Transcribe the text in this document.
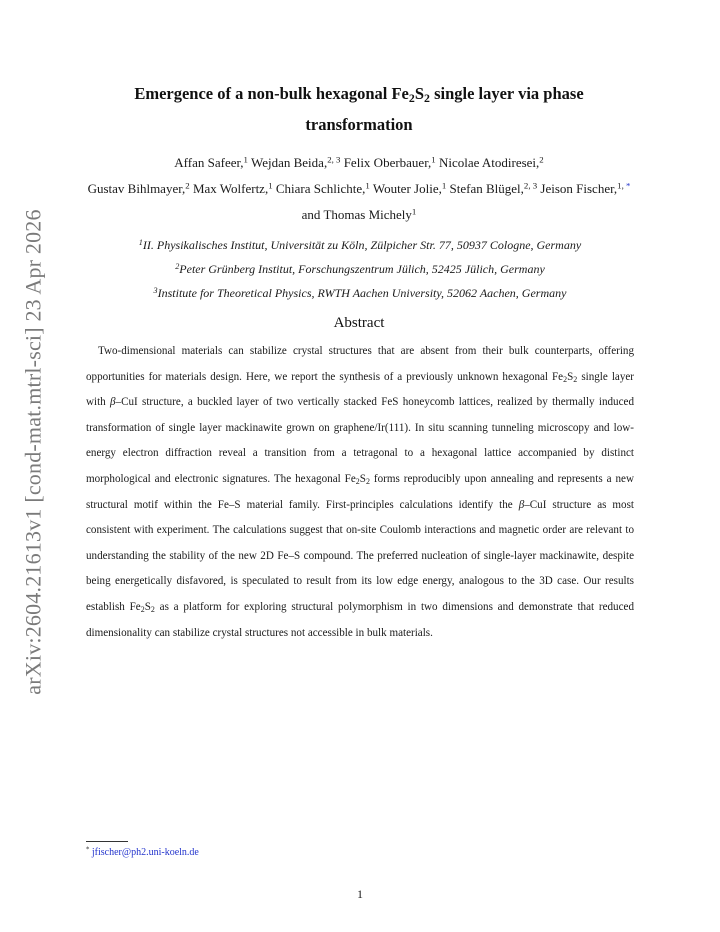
arXiv:2604.21613v1 [cond-mat.mtrl-sci] 23 Apr 2026
Emergence of a non-bulk hexagonal $Fe_2S_2$ single layer via phase transformation
Affan Safeer,$^1$ Wejdan Beida,$^{2, 3}$ Felix Oberbauer,$^1$ Nicolae Atodiresei,$^2$
Gustav Bihlmayer,$^2$ Max Wolfertz,$^1$ Chiara Schlichte,$^1$ Wouter Jolie,$^1$ Stefan Blügel,$^{2, 3}$ Jeison Fischer,$^{1, *}$ and Thomas Michely$^1$
$^1$II. Physikalisches Institut, Universität zu Köln, Zülpicher Str. 77, 50937 Cologne, Germany
$^2$Peter Grünberg Institut, Forschungszentrum Jülich, 52425 Jülich, Germany
$^3$Institute for Theoretical Physics, RWTH Aachen University, 52062 Aachen, Germany
Abstract
Two-dimensional materials can stabilize crystal structures that are absent from their bulk counterparts, offering opportunities for materials design. Here, we report the synthesis of a previously unknown hexagonal $Fe_2S_2$ single layer with β–CuI structure, a buckled layer of two vertically stacked FeS honeycomb lattices, realized by thermally induced transformation of single layer mackinawite grown on graphene/Ir(111). In situ scanning tunneling microscopy and low-energy electron diffraction reveal a transition from a tetragonal to a hexagonal lattice accompanied by distinct morphological and electronic signatures. The hexagonal $Fe_2S_2$ forms reproducibly upon annealing and represents a new structural motif within the Fe–S material family. First-principles calculations identify the β–CuI structure as most consistent with experiment. The calculations suggest that on-site Coulomb interactions and magnetic order are relevant to understanding the stability of the new 2D Fe–S compound. The preferred nucleation of single-layer mackinawite, despite being energetically disfavored, is speculated to result from its low edge energy, analogous to the 3D case. Our results establish $Fe_2S_2$ as a platform for exploring structural polymorphism in two dimensions and demonstrate that reduced dimensionality can stabilize crystal structures not accessible in bulk materials.
* jfischer@ph2.uni-koeln.de
1
